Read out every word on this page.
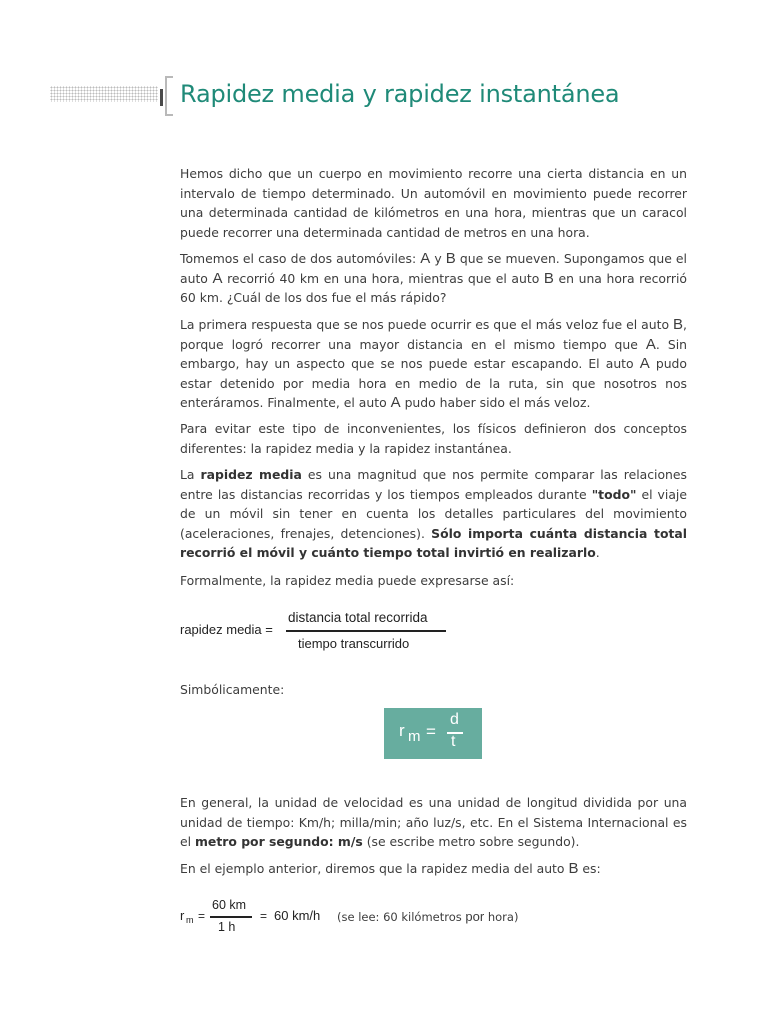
Rapidez media y rapidez instantánea

Hemos dicho que un cuerpo en movimiento recorre una cierta distancia en un intervalo de tiempo determinado. Un automóvil en movimiento puede recorrer una determinada cantidad de kilómetros en una hora, mientras que un caracol puede recorrer una determinada cantidad de metros en una hora.

Tomemos el caso de dos automóviles: A y B que se mueven. Supongamos que el auto A recorrió 40 km en una hora, mientras que el auto B en una hora recorrió 60 km. ¿Cuál de los dos fue el más rápido?

La primera respuesta que se nos puede ocurrir es que el más veloz fue el auto B, porque logró recorrer una mayor distancia en el mismo tiempo que A. Sin embargo, hay un aspecto que se nos puede estar escapando. El auto A pudo estar detenido por media hora en medio de la ruta, sin que nosotros nos enteráramos. Finalmente, el auto A pudo haber sido el más veloz.

Para evitar este tipo de inconvenientes, los físicos definieron dos conceptos diferentes: la rapidez media y la rapidez instantánea.

La rapidez media es una magnitud que nos permite comparar las relaciones entre las distancias recorridas y los tiempos empleados durante "todo" el viaje de un móvil sin tener en cuenta los detalles particulares del movimiento (aceleraciones, frenajes, detenciones). Sólo importa cuánta distancia total recorrió el móvil y cuánto tiempo total invirtió en realizarlo.

Formalmente, la rapidez media puede expresarse así:

rapidez media =
distancia total recorrida
tiempo transcurrido

Simbólicamente:

r m =
d
t

En general, la unidad de velocidad es una unidad de longitud dividida por una unidad de tiempo: Km/h; milla/min; año luz/s, etc. En el Sistema Internacional es el metro por segundo: m/s (se escribe metro sobre segundo).

En el ejemplo anterior, diremos que la rapidez media del auto B es:

r m =
60 km
1 h
= 60 km/h (se lee: 60 kilómetros por hora)
